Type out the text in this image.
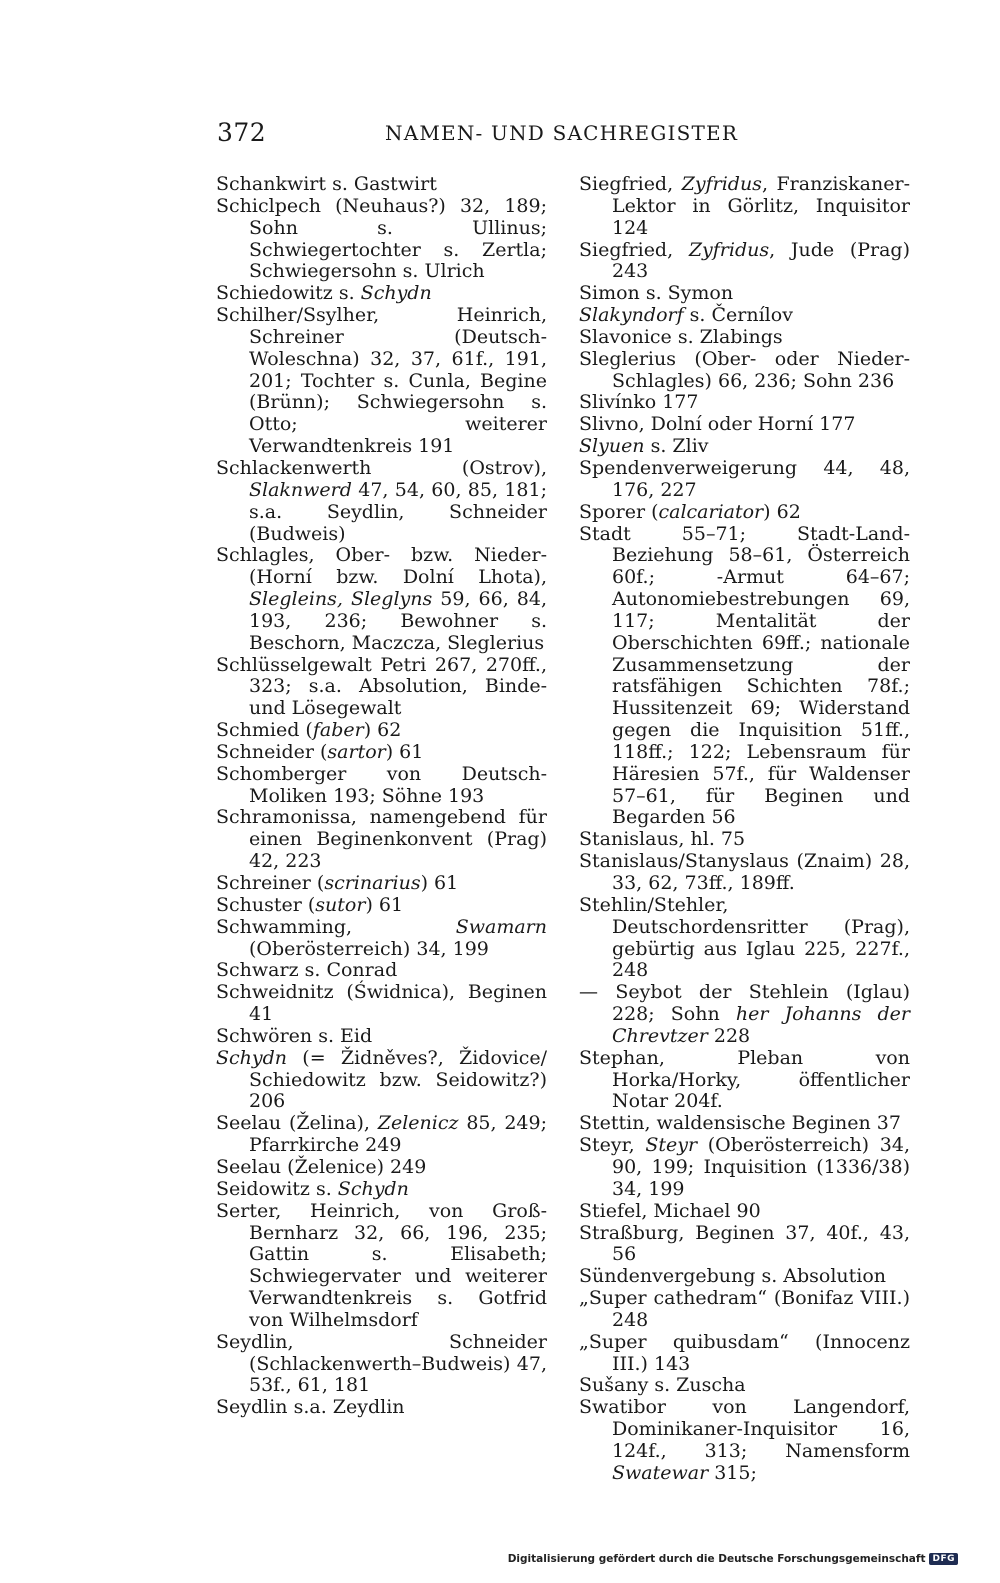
372	NAMEN- UND SACHREGISTER

Schankwirt s. Gastwirt

Schiclpech (Neuhaus?) 32, 189; Sohn s. Ullinus; Schwiegertochter s. Zertla; Schwiegersohn s. Ulrich

Schiedowitz s. Schydn

Schilher/Ssylher, Heinrich, Schreiner (Deutsch-Woleschna) 32, 37, 61f., 191, 201; Tochter s. Cunla, Begine (Brünn); Schwiegersohn s. Otto; weiterer Verwandtenkreis 191

Schlackenwerth (Ostrov), Slaknwerd 47, 54, 60, 85, 181; s.a. Seydlin, Schneider (Budweis)

Schlagles, Ober- bzw. Nieder- (Horní bzw. Dolní Lhota), Slegleins, Sleglyns 59, 66, 84, 193, 236; Bewohner s. Beschorn, Maczcza, Sleglerius

Schlüsselgewalt Petri 267, 270ff., 323; s.a. Absolution, Binde- und Lösegewalt

Schmied (faber) 62

Schneider (sartor) 61

Schomberger von Deutsch-Moliken 193; Söhne 193

Schramonissa, namengebend für einen Beginenkonvent (Prag) 42, 223

Schreiner (scrinarius) 61

Schuster (sutor) 61

Schwamming, Swamarn (Oberösterreich) 34, 199

Schwarz s. Conrad

Schweidnitz (Świdnica), Beginen 41

Schwören s. Eid

Schydn (= Židněves?, Židovice/ Schiedowitz bzw. Seidowitz?) 206

Seelau (Želina), Zelenicz 85, 249; Pfarrkirche 249

Seelau (Želenice) 249

Seidowitz s. Schydn

Serter, Heinrich, von Groß-Bernharz 32, 66, 196, 235; Gattin s. Elisabeth; Schwiegervater und weiterer Verwandtenkreis s. Gotfrid von Wilhelmsdorf

Seydlin, Schneider (Schlackenwerth–Budweis) 47, 53f., 61, 181

Seydlin s.a. Zeydlin

Siegfried, Zyfridus, Franziskaner-Lektor in Görlitz, Inquisitor 124

Siegfried, Zyfridus, Jude (Prag) 243

Simon s. Symon

Slakyndorf s. Černílov

Slavonice s. Zlabings

Sleglerius (Ober- oder Nieder-Schlagles) 66, 236; Sohn 236

Slivínko 177

Slivno, Dolní oder Horní 177

Slyuen s. Zliv

Spendenverweigerung 44, 48, 176, 227

Sporer (calcariator) 62

Stadt 55–71; Stadt-Land-Beziehung 58–61, Österreich 60f.; -Armut 64–67; Autonomiebestrebungen 69, 117; Mentalität der Oberschichten 69ff.; nationale Zusammensetzung der ratsfähigen Schichten 78f.; Hussitenzeit 69; Widerstand gegen die Inquisition 51ff., 118ff.; 122; Lebensraum für Häresien 57f., für Waldenser 57–61, für Beginen und Begarden 56

Stanislaus, hl. 75

Stanislaus/Stanyslaus (Znaim) 28, 33, 62, 73ff., 189ff.

Stehlin/Stehler, Deutschordensritter (Prag), gebürtig aus Iglau 225, 227f., 248

— Seybot der Stehlein (Iglau) 228; Sohn her Johanns der Chrevtzer 228

Stephan, Pleban von Horka/Horky, öffentlicher Notar 204f.

Stettin, waldensische Beginen 37

Steyr, Steyr (Oberösterreich) 34, 90, 199; Inquisition (1336/38) 34, 199

Stiefel, Michael 90

Straßburg, Beginen 37, 40f., 43, 56

Sündenvergebung s. Absolution

„Super cathedram“ (Bonifaz VIII.) 248

„Super quibusdam“ (Innocenz III.) 143

Sušany s. Zuscha

Swatibor von Langendorf, Dominikaner-Inquisitor 16, 124f., 313; Namensform Swatewar 315;

Digitalisierung gefördert durch die Deutsche Forschungsgemeinschaft DFG
